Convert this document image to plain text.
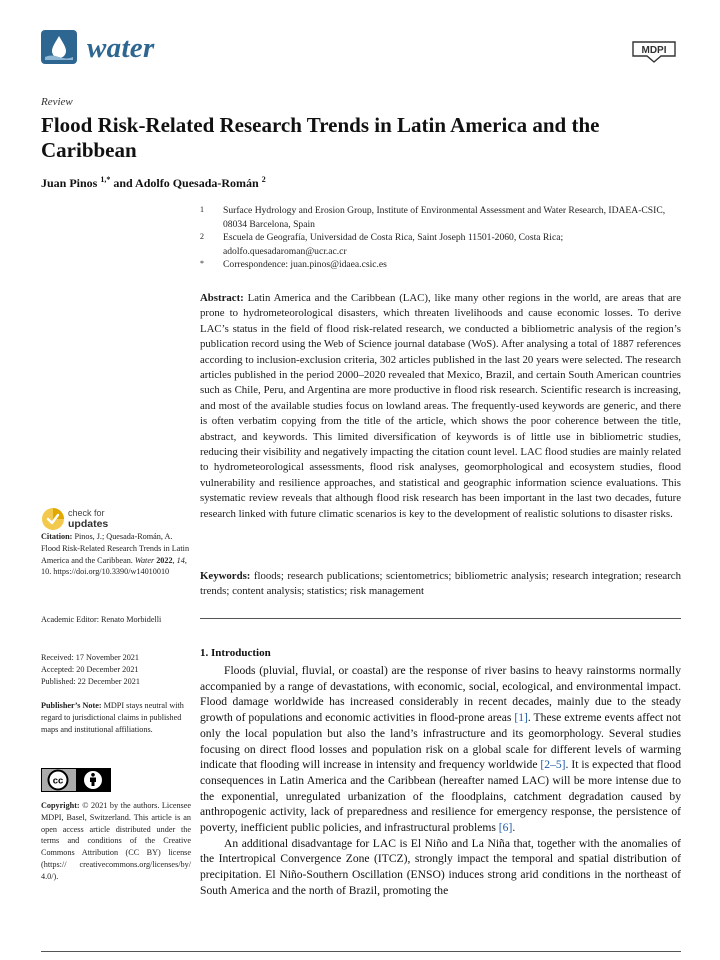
water	MDPI
Review
Flood Risk-Related Research Trends in Latin America and the Caribbean
Juan Pinos $^{1,*}$ and Adolfo Quesada-Román $^2$
1 Surface Hydrology and Erosion Group, Institute of Environmental Assessment and Water Research, IDAEA-CSIC, 08034 Barcelona, Spain
2 Escuela de Geografía, Universidad de Costa Rica, Saint Joseph 11501-2060, Costa Rica; adolfo.quesadaroman@ucr.ac.cr
* Correspondence: juan.pinos@idaea.csic.es

Abstract: Latin America and the Caribbean (LAC), like many other regions in the world, are areas that are prone to hydrometeorological disasters, which threaten livelihoods and cause economic losses. To derive LAC’s status in the field of flood risk-related research, we conducted a bibliometric analysis of the region’s publication record using the Web of Science journal database (WoS). After analysing a total of 1887 references according to inclusion-exclusion criteria, 302 articles published in the last 20 years were selected. The research articles published in the period 2000–2020 revealed that Mexico, Brazil, and certain South American countries such as Chile, Peru, and Argentina are more productive in flood risk research. Scientific research is increasing, and most of the available studies focus on lowland areas. The frequently-used keywords are generic, and there is often verbatim copying from the title of the article, which shows the poor coherence between the title, abstract, and keywords. This limited diversification of keywords is of little use in bibliometric studies, reducing their visibility and negatively impacting the citation count level. LAC flood studies are mainly related to hydrometeorological assessments, flood risk analyses, geomorphological and ecosystem studies, flood vulnerability and resilience approaches, and statistical and geographic information science evaluations. This systematic review reveals that although flood risk research has been important in the last two decades, future research linked with future climatic scenarios is key to the development of realistic solutions to disaster risks.

Keywords: floods; research publications; scientometrics; bibliometric analysis; research integration; research trends; content analysis; statistics; risk management

1. Introduction

Floods (pluvial, fluvial, or coastal) are the response of river basins to heavy rainstorms normally accompanied by a range of devastations, with economic, social, ecological, and environmental impact. Flood damage worldwide has increased considerably in recent decades, mainly due to the steady growth of populations and economic activities in flood-prone areas [1]. These extreme events affect not only the local population but also the land’s infrastructure and its geomorphology. Several studies focusing on direct flood losses and population risk on a global scale for different levels of warming indicate that flooding will increase in intensity and frequency worldwide [2–5]. It is expected that flood consequences in Latin America and the Caribbean (hereafter named LAC) will be more intense due to the exponential, unregulated urbanization of the floodplains, catchment degradation caused by anthropogenic activity, lack of preparedness and resilience for emergency response, the persistence of poverty, inefficient public policies, and infrastructural problems [6].

An additional disadvantage for LAC is El Niño and La Niña that, together with the anomalies of the Intertropical Convergence Zone (ITCZ), strongly impact the temporal and spatial distribution of precipitation. El Niño-Southern Oscillation (ENSO) induces strong arid conditions in the northeast of South America and the north of Brazil, promoting the

check for
updates

Citation: Pinos, J.; Quesada-Román, A. Flood Risk-Related Research Trends in Latin America and the Caribbean. Water 2022, 14, 10. https://doi.org/10.3390/w14010010

Academic Editor: Renato Morbidelli

Received: 17 November 2021
Accepted: 20 December 2021
Published: 22 December 2021

Publisher’s Note: MDPI stays neutral with regard to jurisdictional claims in published maps and institutional affiliations.

cc

Copyright: © 2021 by the authors. Licensee MDPI, Basel, Switzerland. This article is an open access article distributed under the terms and conditions of the Creative Commons Attribution (CC BY) license (https:// creativecommons.org/licenses/by/ 4.0/).
